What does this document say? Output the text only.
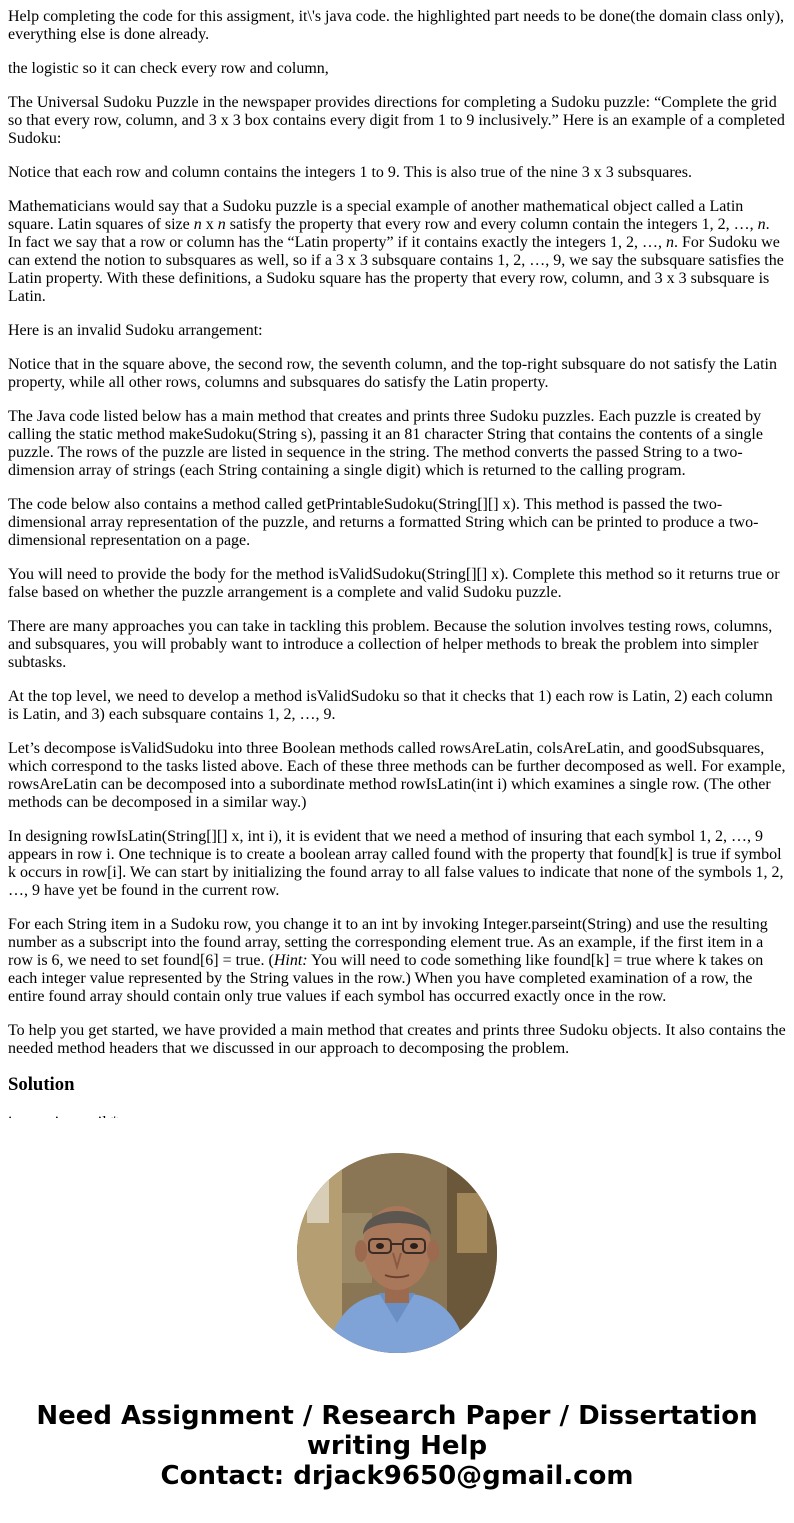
Help completing the code for this assigment, it\'s java code. the highlighted part needs to be done(the domain class only), everything else is done already.

the logistic so it can check every row and column,

The Universal Sudoku Puzzle in the newspaper provides directions for completing a Sudoku puzzle: “Complete the grid so that every row, column, and 3 x 3 box contains every digit from 1 to 9 inclusively.” Here is an example of a completed Sudoku:

Notice that each row and column contains the integers 1 to 9. This is also true of the nine 3 x 3 subsquares.

Mathematicians would say that a Sudoku puzzle is a special example of another mathematical object called a Latin square. Latin squares of size n x n satisfy the property that every row and every column contain the integers 1, 2, …, n. In fact we say that a row or column has the “Latin property” if it contains exactly the integers 1, 2, …, n. For Sudoku we can extend the notion to subsquares as well, so if a 3 x 3 subsquare contains 1, 2, …, 9, we say the subsquare satisfies the Latin property. With these definitions, a Sudoku square has the property that every row, column, and 3 x 3 subsquare is Latin.

Here is an invalid Sudoku arrangement:

Notice that in the square above, the second row, the seventh column, and the top-right subsquare do not satisfy the Latin property, while all other rows, columns and subsquares do satisfy the Latin property.

The Java code listed below has a main method that creates and prints three Sudoku puzzles. Each puzzle is created by calling the static method makeSudoku(String s), passing it an 81 character String that contains the contents of a single puzzle. The rows of the puzzle are listed in sequence in the string. The method converts the passed String to a two-dimension array of strings (each String containing a single digit) which is returned to the calling program.

The code below also contains a method called getPrintableSudoku(String[][] x). This method is passed the two-dimensional array representation of the puzzle, and returns a formatted String which can be printed to produce a two-dimensional representation on a page.

You will need to provide the body for the method isValidSudoku(String[][] x). Complete this method so it returns true or false based on whether the puzzle arrangement is a complete and valid Sudoku puzzle.

There are many approaches you can take in tackling this problem. Because the solution involves testing rows, columns, and subsquares, you will probably want to introduce a collection of helper methods to break the problem into simpler subtasks.

At the top level, we need to develop a method isValidSudoku so that it checks that 1) each row is Latin, 2) each column is Latin, and 3) each subsquare contains 1, 2, …, 9.

Let’s decompose isValidSudoku into three Boolean methods called rowsAreLatin, colsAreLatin, and goodSubsquares, which correspond to the tasks listed above. Each of these three methods can be further decomposed as well. For example, rowsAreLatin can be decomposed into a subordinate method rowIsLatin(int i) which examines a single row. (The other methods can be decomposed in a similar way.)

In designing rowIsLatin(String[][] x, int i), it is evident that we need a method of insuring that each symbol 1, 2, …, 9 appears in row i. One technique is to create a boolean array called found with the property that found[k] is true if symbol k occurs in row[i]. We can start by initializing the found array to all false values to indicate that none of the symbols 1, 2, …, 9 have yet be found in the current row.

For each String item in a Sudoku row, you change it to an int by invoking Integer.parseint(String) and use the resulting number as a subscript into the found array, setting the corresponding element true. As an example, if the first item in a row is 6, we need to set found[6] = true. (Hint: You will need to code something like found[k] = true where k takes on each integer value represented by the String values in the row.) When you have completed examination of a row, the entire found array should contain only true values if each symbol has occurred exactly once in the row.

To help you get started, we have provided a main method that creates and prints three Sudoku objects. It also contains the needed method headers that we discussed in our approach to decomposing the problem.

Solution

Need Assignment / Research Paper / Dissertation
writing Help
Contact: drjack9650@gmail.com
